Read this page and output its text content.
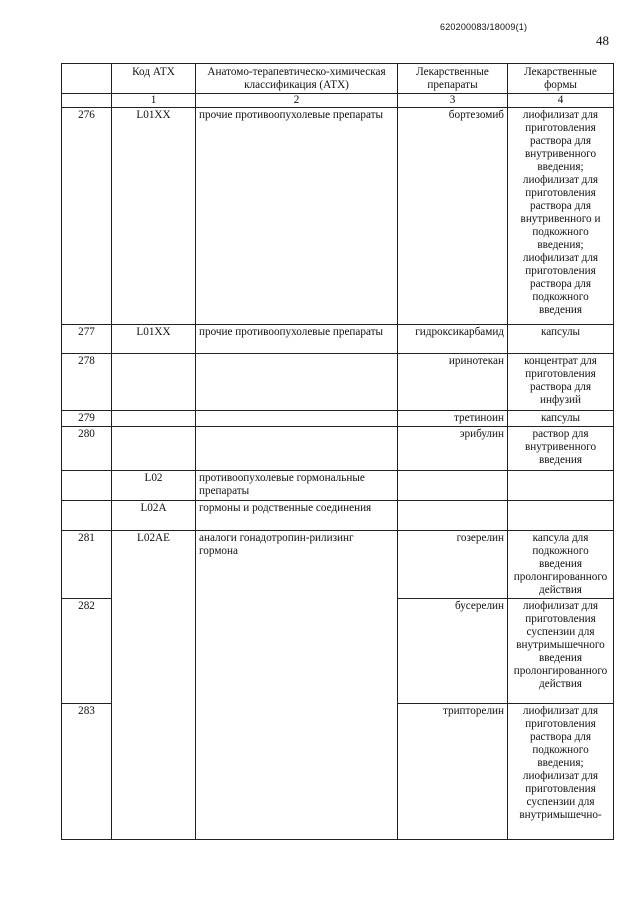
620200083/18009(1)
48
	Код АТХ	Анатомо-терапевтическо-химическая классификация (АТХ)	Лекарственные препараты	Лекарственные формы
	1	2	3	4
276	L01XX	прочие противоопухолевые препараты	бортезомиб	лиофилизат для приготовления раствора для внутривенного введения; лиофилизат для приготовления раствора для внутривенного и подкожного введения; лиофилизат для приготовления раствора для подкожного введения
277	L01XX	прочие противоопухолевые препараты	гидроксикарбамид	капсулы
278			иринотекан	концентрат для приготовления раствора для инфузий
279			третиноин	капсулы
280			эрибулин	раствор для внутривенного введения
	L02	противоопухолевые гормональные препараты		
	L02A	гормоны и родственные соединения		
281	L02AE	аналоги гонадотропин-рилизинг гормона	гозерелин	капсула для подкожного введения пролонгированного действия
282			бусерелин	лиофилизат для приготовления суспензии для внутримышечного введения пролонгированного действия
283			трипторелин	лиофилизат для приготовления раствора для подкожного введения; лиофилизат для приготовления суспензии для внутримышечно-
